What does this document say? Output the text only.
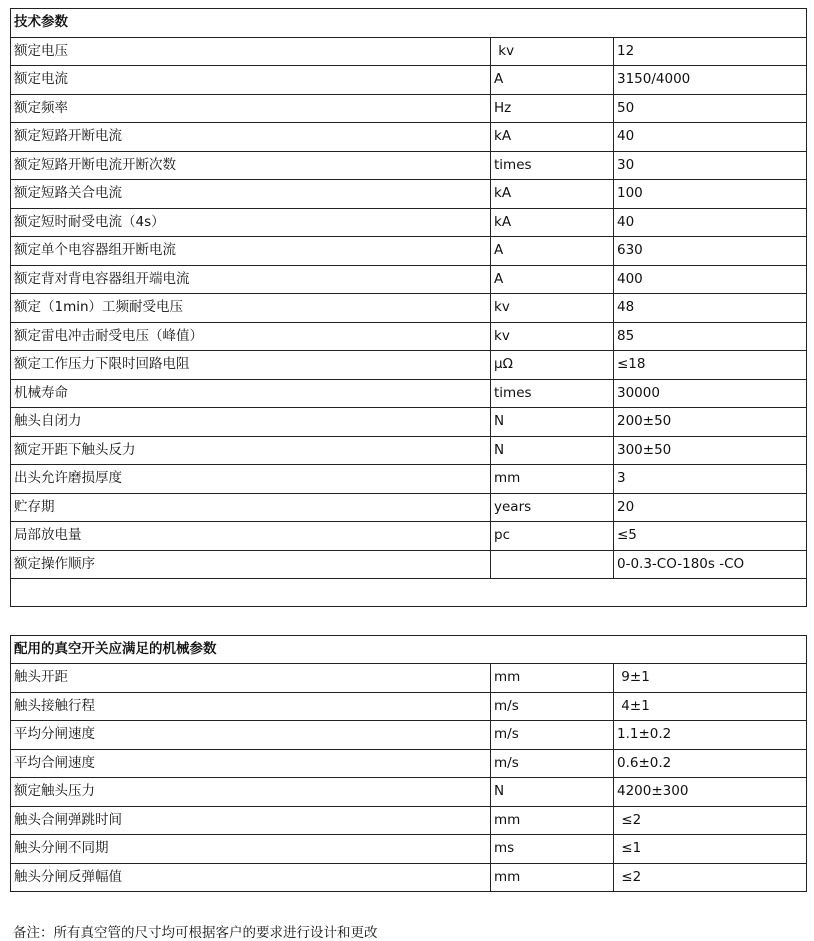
技术参数		
额定电压	kv	12
额定电流	A	3150/4000
额定频率	Hz	50
额定短路开断电流	kA	40
额定短路开断电流开断次数	times	30
额定短路关合电流	kA	100
额定短时耐受电流（4s）	kA	40
额定单个电容器组开断电流	A	630
额定背对背电容器组开端电流	A	400
额定（1min）工频耐受电压	kv	48
额定雷电冲击耐受电压（峰值）	kv	85
额定工作压力下限时回路电阻	μΩ	≤18
机械寿命	times	30000
触头自闭力	N	200±50
额定开距下触头反力	N	300±50
出头允许磨损厚度	mm	3
贮存期	years	20
局部放电量	pc	≤5
额定操作顺序		0-0.3-CO-180s -CO

配用的真空开关应满足的机械参数		
触头开距	mm	9±1
触头接触行程	m/s	4±1
平均分闸速度	m/s	1.1±0.2
平均合闸速度	m/s	0.6±0.2
额定触头压力	N	4200±300
触头合闸弹跳时间	mm	≤2
触头分闸不同期	ms	≤1
触头分闸反弹幅值	mm	≤2
备注：所有真空管的尺寸均可根据客户的要求进行设计和更改
